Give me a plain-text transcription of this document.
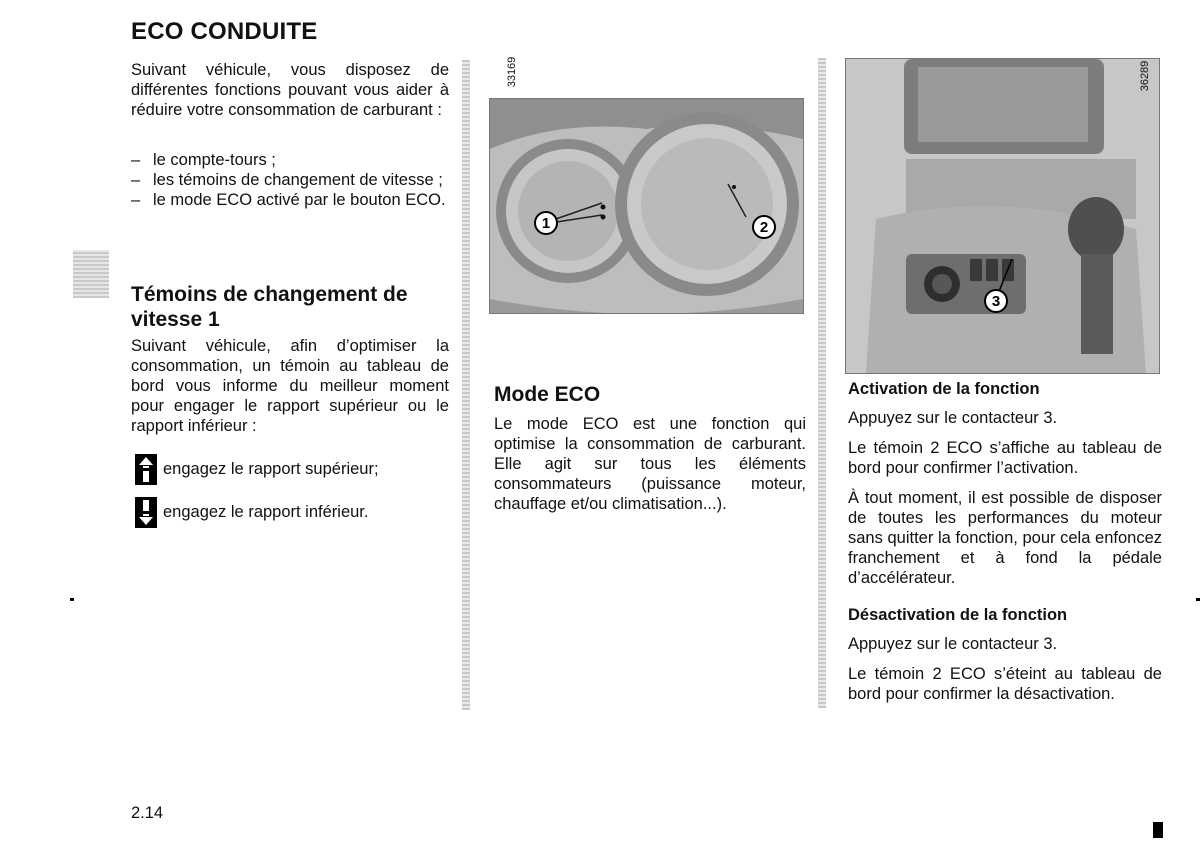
ECO CONDUITE

Suivant véhicule, vous disposez de différentes fonctions pouvant vous aider à réduire votre consommation de carburant :

– le compte-tours ;
– les témoins de changement de vitesse ;
– le mode ECO activé par le bouton ECO.
Témoins de changement de vitesse 1

Suivant véhicule, afin d’optimiser la consommation, un témoin au tableau de bord vous informe du meilleur moment pour engager le rapport supérieur ou le rapport inférieur :

engagez le rapport supérieur;
engagez le rapport inférieur.
1	2
33169
Mode ECO

Le mode ECO est une fonction qui optimise la consommation de carburant. Elle agit sur tous les éléments consommateurs (puissance moteur, chauffage et/ou climatisation...).

3
36289
Activation de la fonction

Appuyez sur le contacteur 3.

Le témoin 2 ECO s’affiche au tableau de bord pour confirmer l’activation.

À tout moment, il est possible de disposer de toutes les performances du moteur sans quitter la fonction, pour cela enfoncez franchement et à fond la pédale d’accélérateur.

Désactivation de la fonction

Appuyez sur le contacteur 3.

Le témoin 2 ECO s’éteint au tableau de bord pour confirmer la désactivation.

2.14
